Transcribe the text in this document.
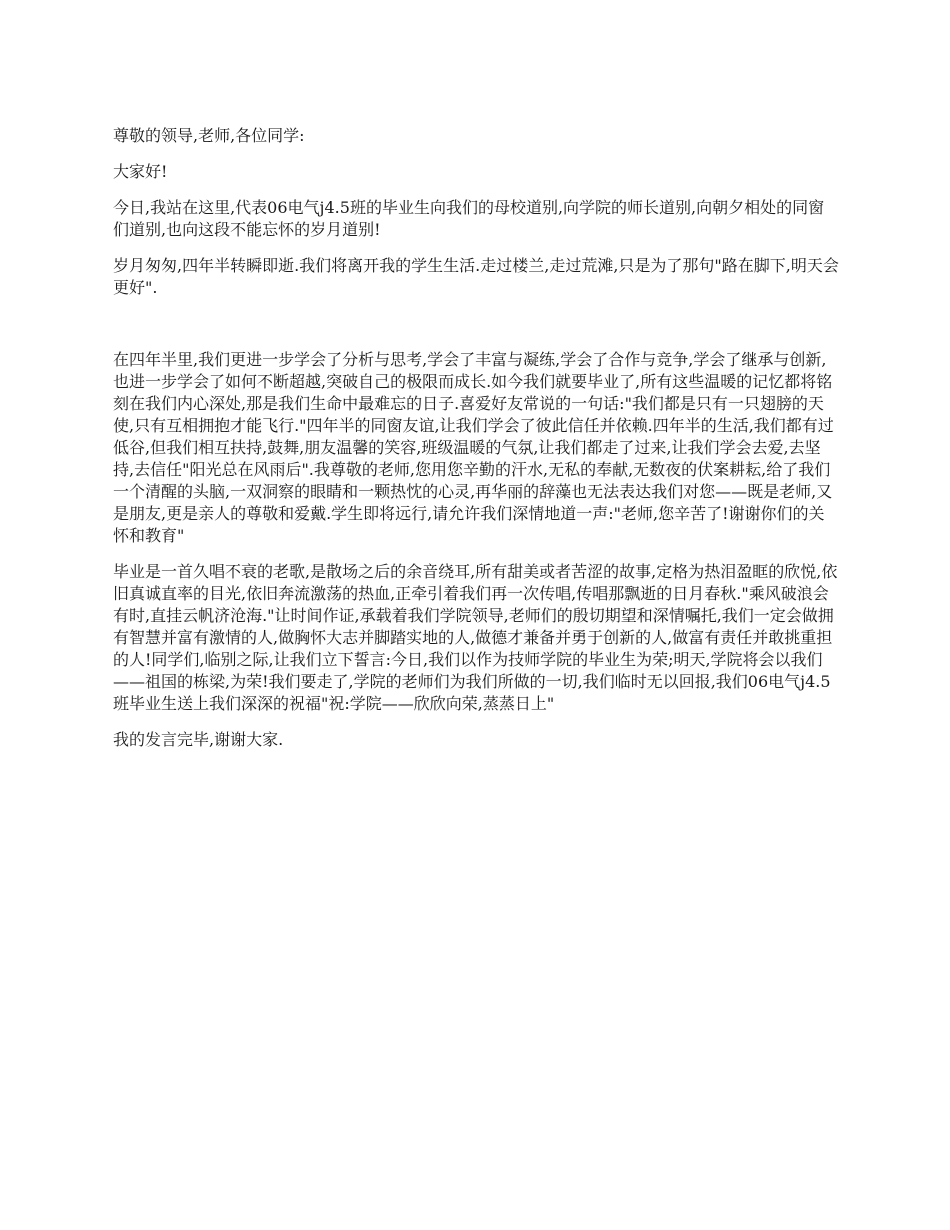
尊敬的领导,老师,各位同学:

大家好!

今日,我站在这里,代表06电气j4.5班的毕业生向我们的母校道别,向学院的师长道别,向朝夕相处的同窗们道别,也向这段不能忘怀的岁月道别!

岁月匆匆,四年半转瞬即逝.我们将离开我的学生生活.走过楼兰,走过荒滩,只是为了那句"路在脚下,明天会更好".

在四年半里,我们更进一步学会了分析与思考,学会了丰富与凝练,学会了合作与竞争,学会了继承与创新,也进一步学会了如何不断超越,突破自己的极限而成长.如今我们就要毕业了,所有这些温暖的记忆都将铭刻在我们内心深处,那是我们生命中最难忘的日子.喜爱好友常说的一句话:"我们都是只有一只翅膀的天使,只有互相拥抱才能飞行."四年半的同窗友谊,让我们学会了彼此信任并依赖.四年半的生活,我们都有过低谷,但我们相互扶持,鼓舞,朋友温馨的笑容,班级温暖的气氛,让我们都走了过来,让我们学会去爱,去坚持,去信任"阳光总在风雨后".我尊敬的老师,您用您辛勤的汗水,无私的奉献,无数夜的伏案耕耘,给了我们一个清醒的头脑,一双洞察的眼睛和一颗热忱的心灵,再华丽的辞藻也无法表达我们对您——既是老师,又是朋友,更是亲人的尊敬和爱戴.学生即将远行,请允许我们深情地道一声:"老师,您辛苦了!谢谢你们的关怀和教育"

毕业是一首久唱不衰的老歌,是散场之后的余音绕耳,所有甜美或者苦涩的故事,定格为热泪盈眶的欣悦,依旧真诚直率的目光,依旧奔流激荡的热血,正牵引着我们再一次传唱,传唱那飘逝的日月春秋."乘风破浪会有时,直挂云帆济沧海."让时间作证,承载着我们学院领导,老师们的殷切期望和深情嘱托,我们一定会做拥有智慧并富有激情的人,做胸怀大志并脚踏实地的人,做德才兼备并勇于创新的人,做富有责任并敢挑重担的人!同学们,临别之际,让我们立下誓言:今日,我们以作为技师学院的毕业生为荣;明天,学院将会以我们——祖国的栋梁,为荣!我们要走了,学院的老师们为我们所做的一切,我们临时无以回报,我们06电气j4.5班毕业生送上我们深深的祝福"祝:学院——欣欣向荣,蒸蒸日上"

我的发言完毕,谢谢大家.
